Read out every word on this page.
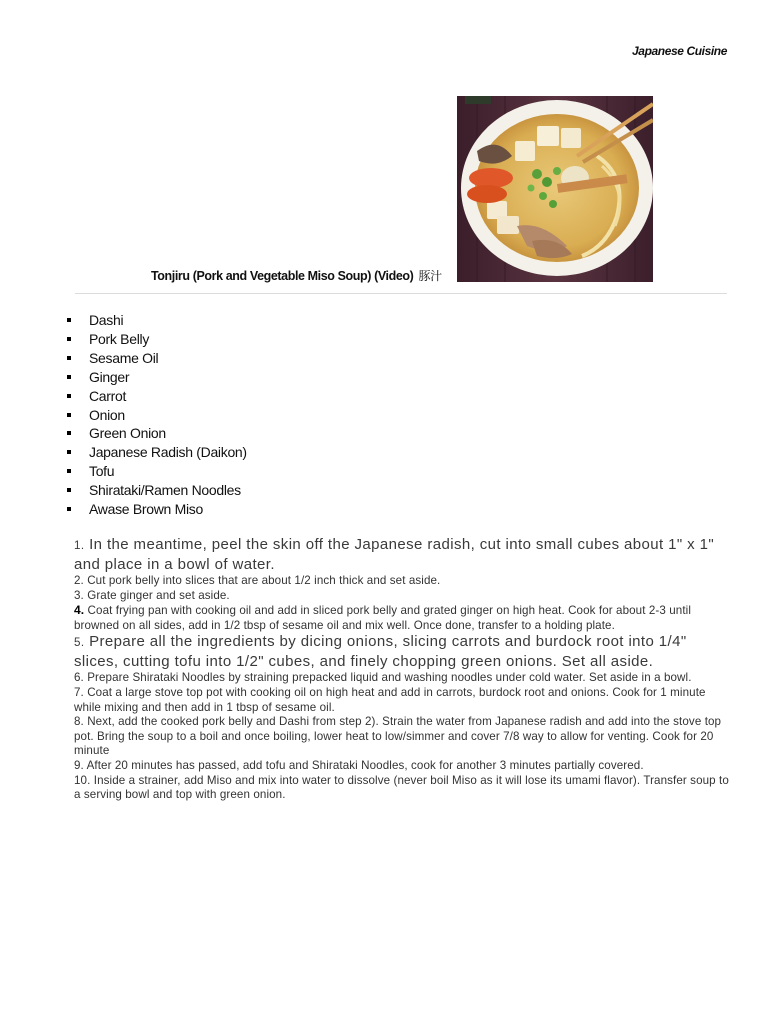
Japanese Cuisine
Tonjiru (Pork and Vegetable Miso Soup) (Video) 豚汁
Dashi
Pork Belly
Sesame Oil
Ginger
Carrot
Onion
Green Onion
Japanese Radish (Daikon)
Tofu
Shirataki/Ramen Noodles
Awase Brown Miso
1. In the meantime, peel the skin off the Japanese radish, cut into small cubes about 1" x 1" and place in a bowl of water.
2. Cut pork belly into slices that are about 1/2 inch thick and set aside.
3. Grate ginger and set aside.
4. Coat frying pan with cooking oil and add in sliced pork belly and grated ginger on high heat. Cook for about 2-3 until browned on all sides, add in 1/2 tbsp of sesame oil and mix well. Once done, transfer to a holding plate.
5. Prepare all the ingredients by dicing onions, slicing carrots and burdock root into 1/4" slices, cutting tofu into 1/2" cubes, and finely chopping green onions. Set all aside.
6. Prepare Shirataki Noodles by straining prepacked liquid and washing noodles under cold water. Set aside in a bowl.
7. Coat a large stove top pot with cooking oil on high heat and add in carrots, burdock root and onions. Cook for 1 minute while mixing and then add in 1 tbsp of sesame oil.
8. Next, add the cooked pork belly and Dashi from step 2). Strain the water from Japanese radish and add into the stove top pot. Bring the soup to a boil and once boiling, lower heat to low/simmer and cover 7/8 way to allow for venting. Cook for 20 minute
9. After 20 minutes has passed, add tofu and Shirataki Noodles, cook for another 3 minutes partially covered.
10. Inside a strainer, add Miso and mix into water to dissolve (never boil Miso as it will lose its umami flavor). Transfer soup to a serving bowl and top with green onion.
